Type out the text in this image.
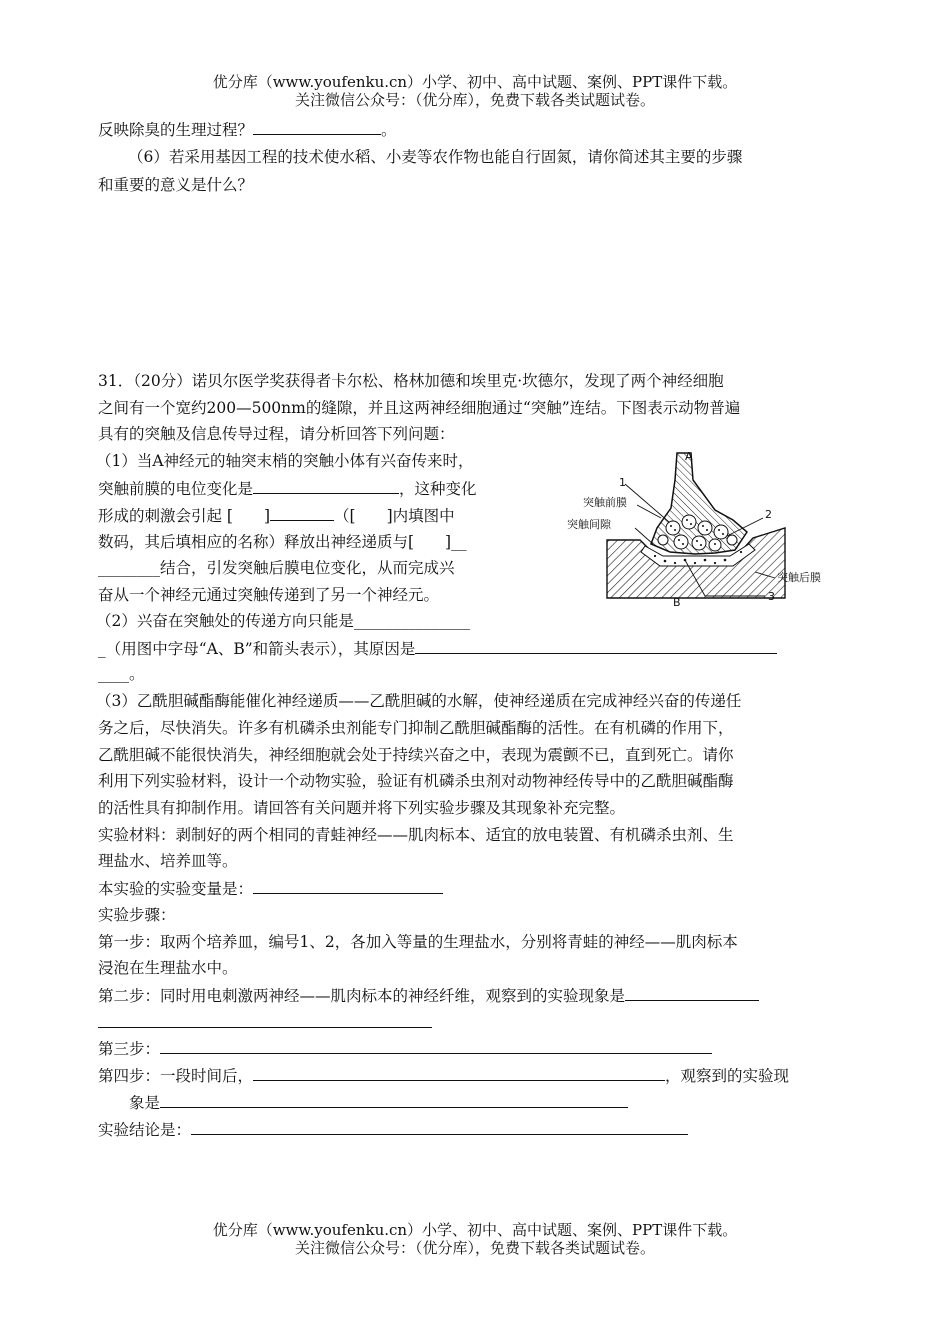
优分库（www.youfenku.cn）小学、初中、高中试题、案例、PPT课件下载。
关注微信公众号：（优分库），免费下载各类试题试卷。
反映除臭的生理过程？	。
（6）若采用基因工程的技术使水稻、小麦等农作物也能自行固氮，请你简述其主要的步骤
和重要的意义是什么？
31．（20分）诺贝尔医学奖获得者卡尔松、格林加德和埃里克·坎德尔，发现了两个神经细胞
之间有一个宽约200—500nm的缝隙，并且这两神经细胞通过“突触”连结。下图表示动物普遍
具有的突触及信息传导过程，请分析回答下列问题：
（1）当A神经元的轴突末梢的突触小体有兴奋传来时，
突触前膜的电位变化是	，这种变化
形成的刺激会引起 [　　]	（[　　]内填图中
数码，其后填相应的名称）释放出神经递质与[　　]__
________结合，引发突触后膜电位变化，从而完成兴
奋从一个神经元通过突触传递到了另一个神经元。
（2）兴奋在突触处的传递方向只能是_______________
_（用图中字母“A、B”和箭头表示），其原因是
____。
（3）乙酰胆碱酯酶能催化神经递质——乙酰胆碱的水解，使神经递质在完成神经兴奋的传递任
务之后，尽快消失。许多有机磷杀虫剂能专门抑制乙酰胆碱酯酶的活性。在有机磷的作用下，
乙酰胆碱不能很快消失，神经细胞就会处于持续兴奋之中，表现为震颤不已，直到死亡。请你
利用下列实验材料，设计一个动物实验，验证有机磷杀虫剂对动物神经传导中的乙酰胆碱酯酶
的活性具有抑制作用。请回答有关问题并将下列实验步骤及其现象补充完整。
实验材料：剥制好的两个相同的青蛙神经——肌肉标本、适宜的放电装置、有机磷杀虫剂、生
理盐水、培养皿等。
本实验的实验变量是：
实验步骤：
第一步：取两个培养皿，编号1、2，各加入等量的生理盐水，分别将青蛙的神经——肌肉标本
浸泡在生理盐水中。
第二步：同时用电刺激两神经——肌肉标本的神经纤维，观察到的实验现象是
第三步：
第四步：一段时间后，	，观察到的实验现
象是
实验结论是：
A
B
1
2
3
突触前膜
突触间隙
突触后膜
优分库（www.youfenku.cn）小学、初中、高中试题、案例、PPT课件下载。
关注微信公众号：（优分库），免费下载各类试题试卷。
